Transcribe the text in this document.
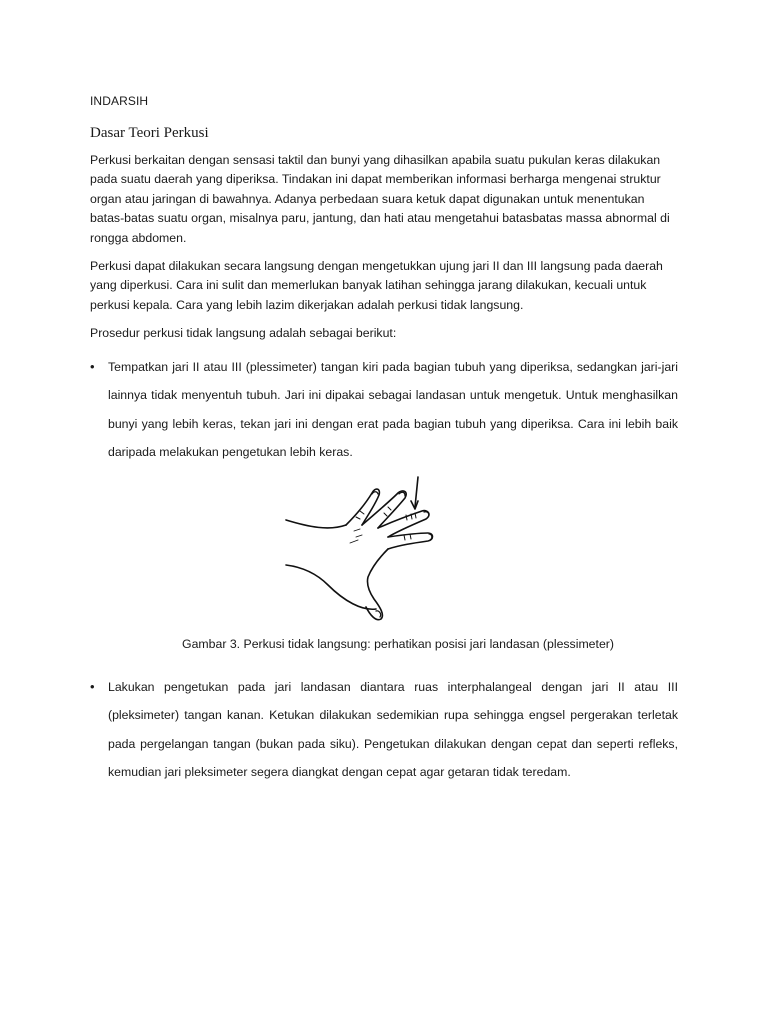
INDARSIH
Dasar Teori Perkusi

Perkusi berkaitan dengan sensasi taktil dan bunyi yang dihasilkan apabila suatu pukulan keras dilakukan pada suatu daerah yang diperiksa. Tindakan ini dapat memberikan informasi berharga mengenai struktur organ atau jaringan di bawahnya. Adanya perbedaan suara ketuk dapat digunakan untuk menentukan batas-batas suatu organ, misalnya paru, jantung, dan hati atau mengetahui batasbatas massa abnormal di rongga abdomen.

Perkusi dapat dilakukan secara langsung dengan mengetukkan ujung jari II dan III langsung pada daerah yang diperkusi. Cara ini sulit dan memerlukan banyak latihan sehingga jarang dilakukan, kecuali untuk perkusi kepala. Cara yang lebih lazim dikerjakan adalah perkusi tidak langsung.

Prosedur perkusi tidak langsung adalah sebagai berikut:

• Tempatkan jari II atau III (plessimeter) tangan kiri pada bagian tubuh yang diperiksa, sedangkan jari-jari lainnya tidak menyentuh tubuh. Jari ini dipakai sebagai landasan untuk mengetuk. Untuk menghasilkan bunyi yang lebih keras, tekan jari ini dengan erat pada bagian tubuh yang diperiksa. Cara ini lebih baik daripada melakukan pengetukan lebih keras.
Gambar 3. Perkusi tidak langsung: perhatikan posisi jari landasan (plessimeter)
• Lakukan pengetukan pada jari landasan diantara ruas interphalangeal dengan jari II atau III (pleksimeter) tangan kanan. Ketukan dilakukan sedemikian rupa sehingga engsel pergerakan terletak pada pergelangan tangan (bukan pada siku). Pengetukan dilakukan dengan cepat dan seperti refleks, kemudian jari pleksimeter segera diangkat dengan cepat agar getaran tidak teredam.
